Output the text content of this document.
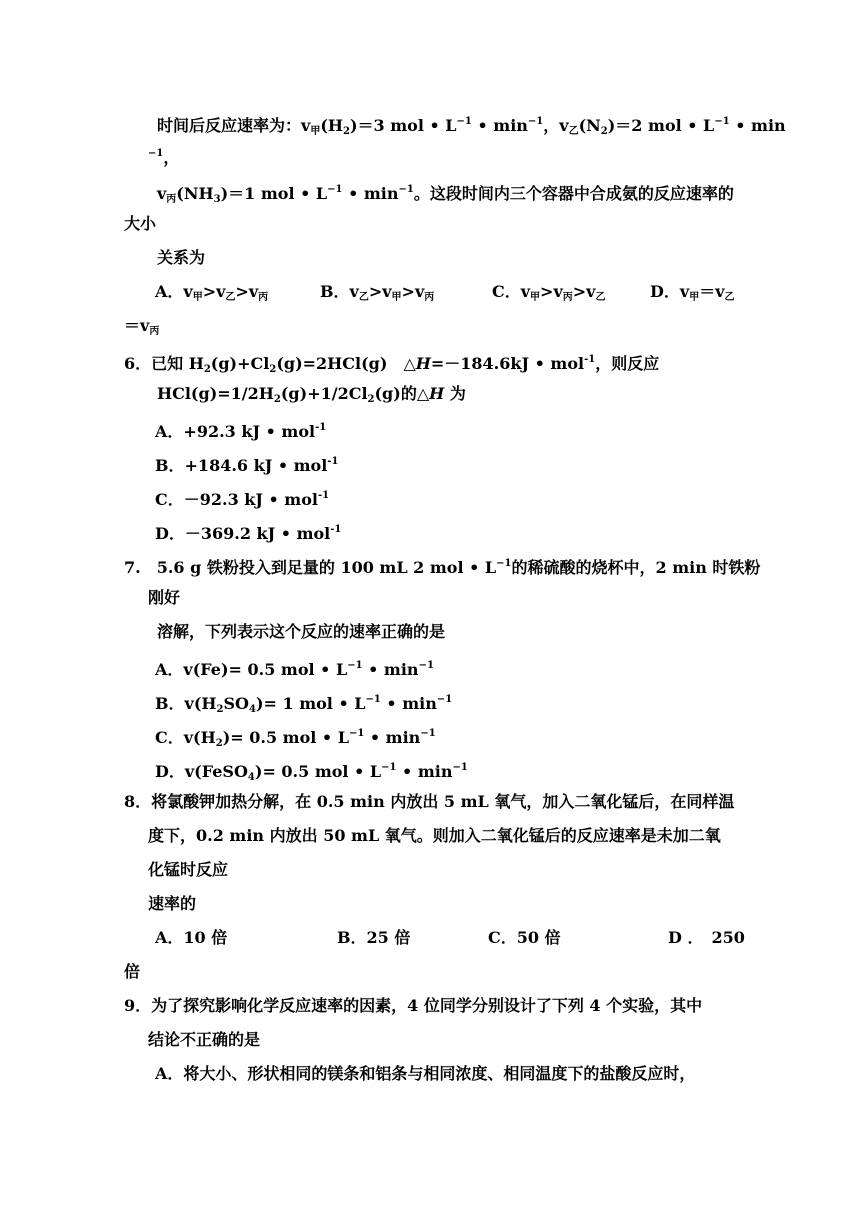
时间后反应速率为：$v_甲(H_2)=3$ mol • $L^{-1}$ • $\min^{-1}$，$v_乙(N_2)=2$ mol • $L^{-1}$ • min
$^{-1}$，
$v_丙(NH_3)=1$ mol • $L^{-1}$ • $\min^{-1}$。这段时间内三个容器中合成氨的反应速率的
大小
关系为
A．$v_甲>v_乙>v_丙$	B．$v_乙>v_甲>v_丙$	C．$v_甲>v_丙>v_乙$	D．$v_甲=v_乙$
$=v_丙$
6．已知 $H_2(g)+Cl_2(g)=2HCl(g)$　△H=－184.6kJ • mol$^{-1}$，则反应
$HCl(g)=1/2H_2(g)+1/2Cl_2(g)$的△H 为
A．+92.3 kJ • mol$^{-1}$
B．+184.6 kJ • mol$^{-1}$
C．－92.3 kJ • mol$^{-1}$
D．－369.2 kJ • mol$^{-1}$
7.　5.6 g 铁粉投入到足量的 100 mL 2 mol • $L^{-1}$的稀硫酸的烧杯中，2 min 时铁粉
刚好
溶解，下列表示这个反应的速率正确的是
A．v(Fe)= 0.5 mol • $L^{-1}$ • $\min^{-1}$
B．$v(H_2SO_4)= 1$ mol • $L^{-1}$ • $\min^{-1}$
C．$v(H_2)= 0.5$ mol • $L^{-1}$ • $\min^{-1}$
D．v(FeSO$_4$)= 0.5 mol • $L^{-1}$ • $\min^{-1}$
8．将氯酸钾加热分解，在 0.5 min 内放出 5 mL 氧气，加入二氧化锰后，在同样温
度下，0.2 min 内放出 50 mL 氧气。则加入二氧化锰后的反应速率是未加二氧
化锰时反应
速率的
A．10 倍	B．25 倍	C．50 倍	D ．　250
倍
9．为了探究影响化学反应速率的因素，4 位同学分别设计了下列 4 个实验，其中
结论不正确的是
A．将大小、形状相同的镁条和铝条与相同浓度、相同温度下的盐酸反应时，
